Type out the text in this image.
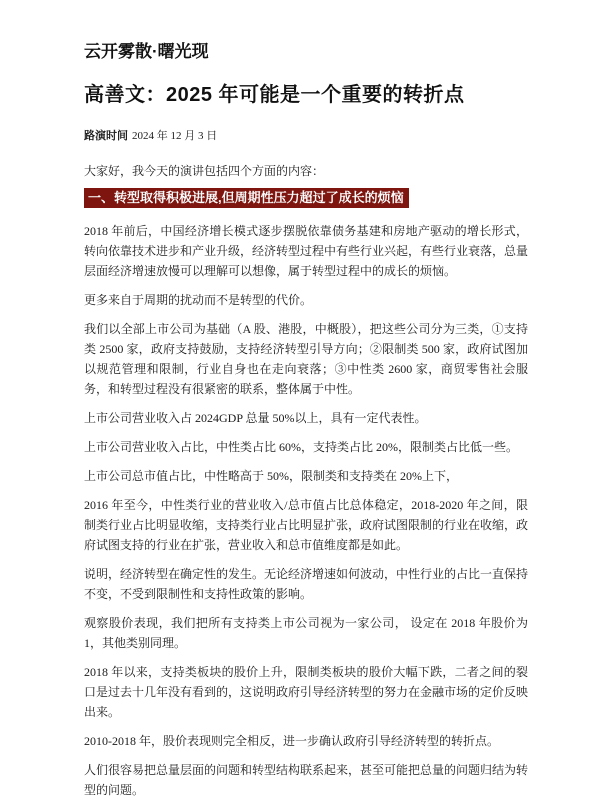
云开雾散·曙光现
高善文：2025 年可能是一个重要的转折点
路演时间 2024 年 12 月 3 日

大家好，我今天的演讲包括四个方面的内容：

一、转型取得积极进展,但周期性压力超过了成长的烦恼

2018 年前后，中国经济增长模式逐步摆脱依靠债务基建和房地产驱动的增长形式，转向依靠技术进步和产业升级，经济转型过程中有些行业兴起，有些行业衰落，总量层面经济增速放慢可以理解可以想像，属于转型过程中的成长的烦恼。

更多来自于周期的扰动而不是转型的代价。

我们以全部上市公司为基础（A 股、港股，中概股），把这些公司分为三类，①支持类 2500 家，政府支持鼓励，支持经济转型引导方向；②限制类 500 家，政府试图加以规范管理和限制，行业自身也在走向衰落；③中性类 2600 家，商贸零售社会服务，和转型过程没有很紧密的联系，整体属于中性。

上市公司营业收入占 2024GDP 总量 50%以上，具有一定代表性。

上市公司营业收入占比，中性类占比 60%，支持类占比 20%，限制类占比低一些。

上市公司总市值占比，中性略高于 50%，限制类和支持类在 20%上下，

2016 年至今，中性类行业的营业收入/总市值占比总体稳定，2018-2020 年之间，限制类行业占比明显收缩，支持类行业占比明显扩张，政府试图限制的行业在收缩，政府试图支持的行业在扩张，营业收入和总市值维度都是如此。

说明，经济转型在确定性的发生。无论经济增速如何波动，中性行业的占比一直保持不变，不受到限制性和支持性政策的影响。

观察股价表现，我们把所有支持类上市公司视为一家公司， 设定在 2018 年股价为 1，其他类别同理。

2018 年以来，支持类板块的股价上升，限制类板块的股价大幅下跌，二者之间的裂口是过去十几年没有看到的，这说明政府引导经济转型的努力在金融市场的定价反映出来。

2010-2018 年，股价表现则完全相反，进一步确认政府引导经济转型的转折点。

人们很容易把总量层面的问题和转型结构联系起来，甚至可能把总量的问题归结为转型的问题。
